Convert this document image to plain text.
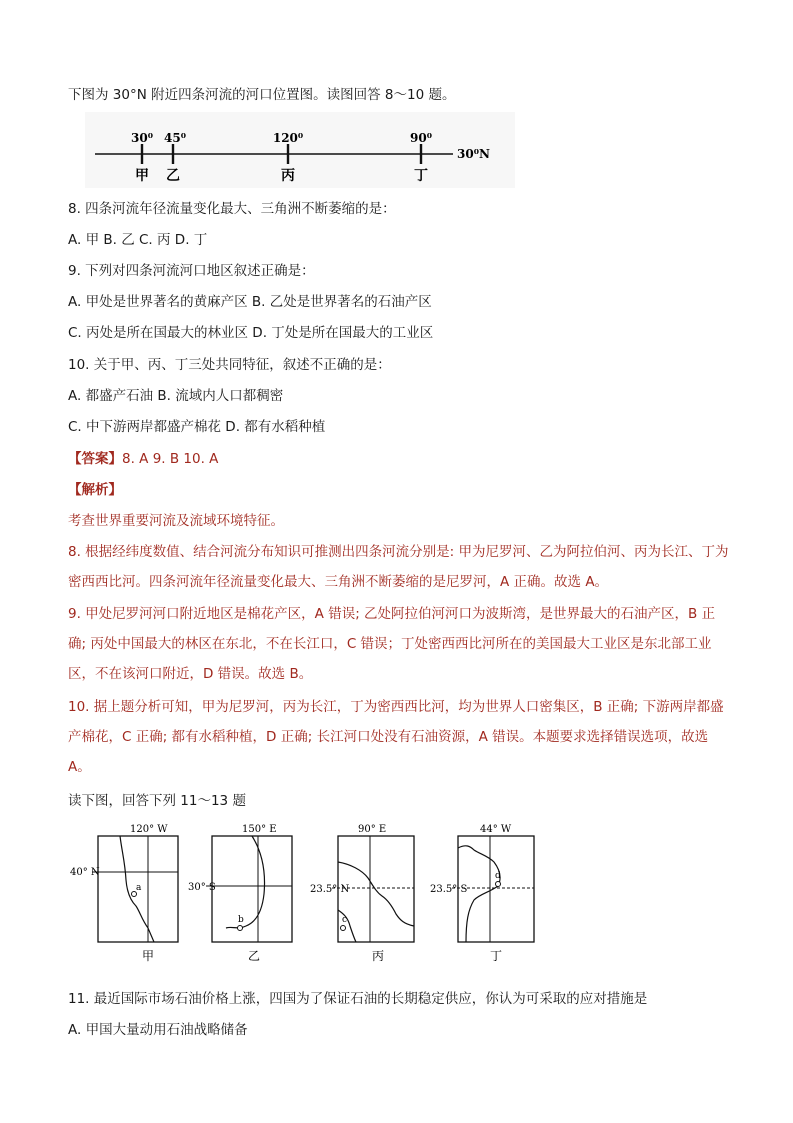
下图为 30°N 附近四条河流的河口位置图。读图回答 8～10 题。
30⁰ 45⁰	120⁰	90⁰
30⁰N
甲 乙	丙	丁
8. 四条河流年径流量变化最大、三角洲不断萎缩的是：
A. 甲 B. 乙 C. 丙 D. 丁
9. 下列对四条河流河口地区叙述正确是：
A. 甲处是世界著名的黄麻产区 B. 乙处是世界著名的石油产区
C. 丙处是所在国最大的林业区 D. 丁处是所在国最大的工业区
10. 关于甲、丙、丁三处共同特征，叙述不正确的是：
A. 都盛产石油 B. 流域内人口都稠密
C. 中下游两岸都盛产棉花 D. 都有水稻种植
【答案】8. A 9. B 10. A
【解析】
考查世界重要河流及流域环境特征。
8. 根据经纬度数值、结合河流分布知识可推测出四条河流分别是: 甲为尼罗河、乙为阿拉伯河、丙为长江、丁为密西西比河。四条河流年径流量变化最大、三角洲不断萎缩的是尼罗河，A 正确。故选 A。
9. 甲处尼罗河河口附近地区是棉花产区，A 错误; 乙处阿拉伯河河口为波斯湾，是世界最大的石油产区，B 正确; 丙处中国最大的林区在东北，不在长江口，C 错误；丁处密西西比河所在的美国最大工业区是东北部工业区，不在该河口附近，D 错误。故选 B。
10. 据上题分析可知，甲为尼罗河，丙为长江，丁为密西西比河，均为世界人口密集区，B 正确; 下游两岸都盛产棉花，C 正确; 都有水稻种植，D 正确; 长江河口处没有石油资源，A 错误。本题要求选择错误选项，故选 A。
读下图，回答下列 11～13 题
a
120° W
40° N
甲
b
150° E
30° S
乙
c
90° E
23.5° N
丙
d
44° W
23.5° S
丁
11. 最近国际市场石油价格上涨，四国为了保证石油的长期稳定供应，你认为可采取的应对措施是
A. 甲国大量动用石油战略储备
